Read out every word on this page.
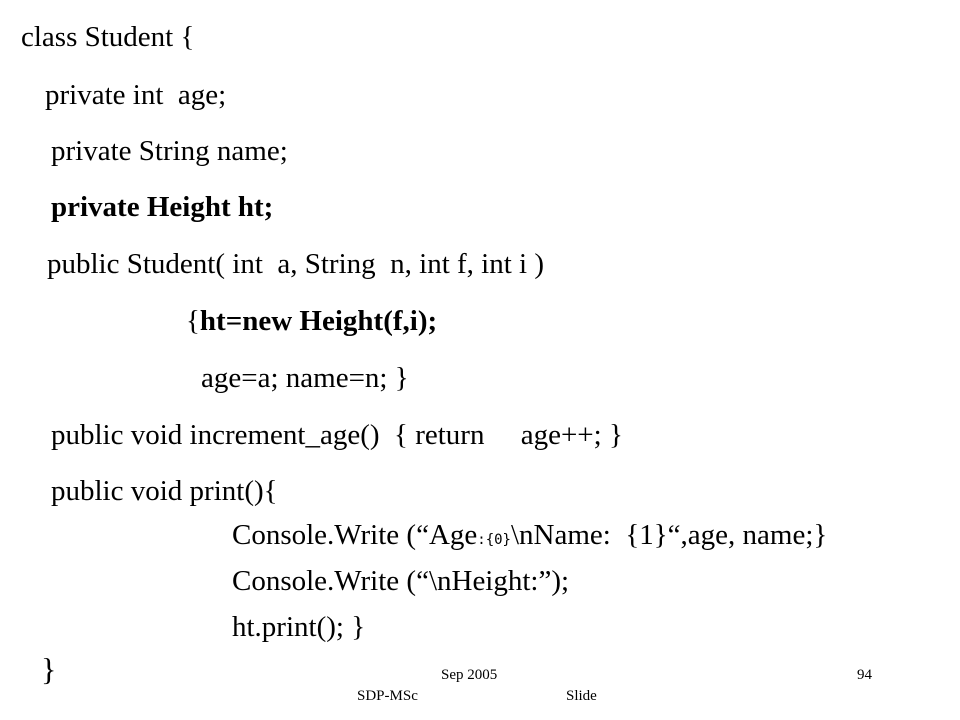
class Student {
private int  age;
private String name;
private Height ht;
public Student( int  a, String  n, int f, int i )
{ht=new Height(f,i);
age=a; name=n; }
public void increment_age()  { return     age++; }
public void print(){
Console.Write (“Age:{0}\nName:  {1}“,age, name;}
Console.Write (“\nHeight:”);
ht.print(); }
}	Sep 2005	94
SDP-MSc	Slide
